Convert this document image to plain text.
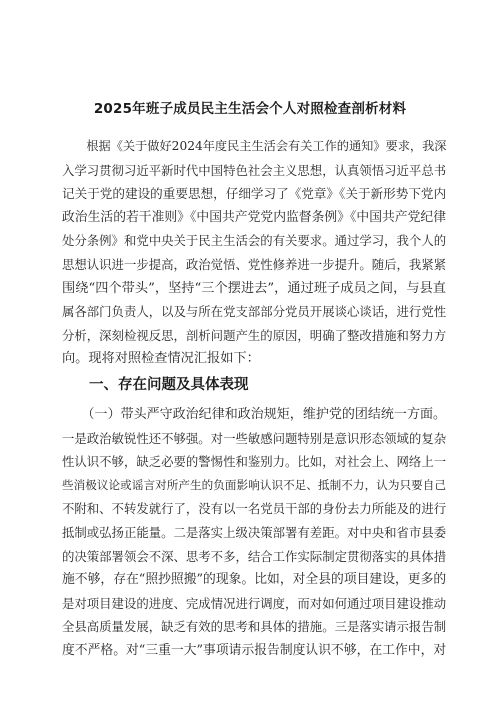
2025年班子成员民主生活会个人对照检查剖析材料
　　根据《关于做好2024年度民主生活会有关工作的通知》要求，我深
入学习贯彻习近平新时代中国特色社会主义思想，认真领悟习近平总书
记关于党的建设的重要思想，仔细学习了《党章》《关于新形势下党内
政治生活的若干准则》《中国共产党党内监督条例》《中国共产党纪律
处分条例》和党中央关于民主生活会的有关要求。通过学习，我个人的
思想认识进一步提高，政治觉悟、党性修养进一步提升。随后，我紧紧
围绕“四个带头”，坚持“三个摆进去”，通过班子成员之间，与县直
属各部门负责人，以及与所在党支部部分党员开展谈心谈话，进行党性
分析，深刻检视反思，剖析问题产生的原因，明确了整改措施和努力方
向。现将对照检查情况汇报如下：
一、存在问题及具体表现
　　（一）带头严守政治纪律和政治规矩，维护党的团结统一方面。
一是政治敏锐性还不够强。对一些敏感问题特别是意识形态领域的复杂
性认识不够，缺乏必要的警惕性和鉴别力。比如，对社会上、网络上一
些消极议论或谣言对所产生的负面影响认识不足、抵制不力，认为只要自己
不附和、不转发就行了，没有以一名党员干部的身份去力所能及的进行
抵制或弘扬正能量。二是落实上级决策部署有差距。对中央和省市县委
的决策部署领会不深、思考不多，结合工作实际制定贯彻落实的具体措
施不够，存在“照抄照搬”的现象。比如，对全县的项目建设，更多的
是对项目建设的进度、完成情况进行调度，而对如何通过项目建设推动
全县高质量发展，缺乏有效的思考和具体的措施。三是落实请示报告制
度不严格。对“三重一大”事项请示报告制度认识不够，在工作中，对
